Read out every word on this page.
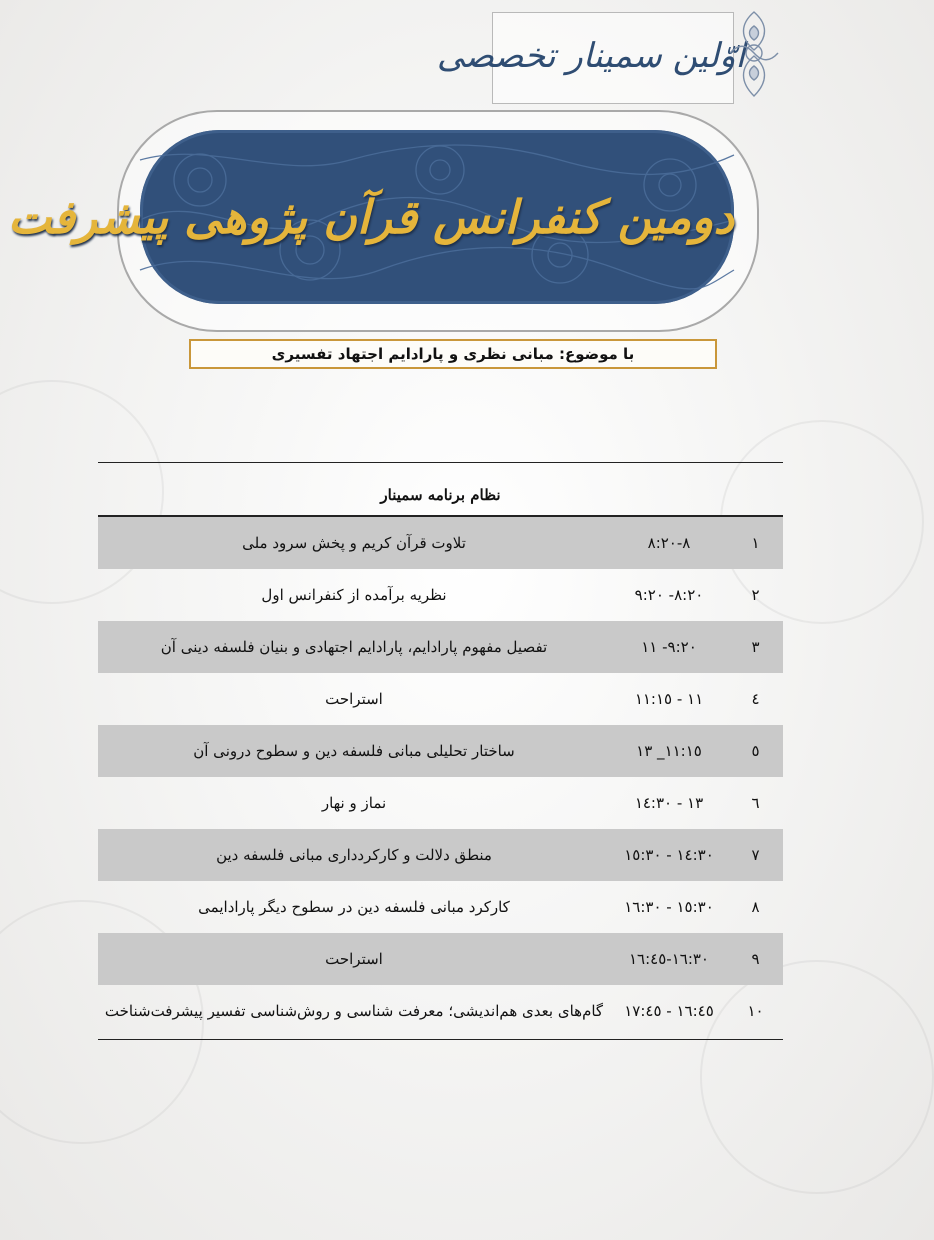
اوّلین سمینار تخصصی
دومین کنفرانس قرآن پژوهی پیشرفت
با موضوع: مبانی نظری و پارادایم اجتهاد تفسیری
نظام برنامه سمینار
١
٨-٨:٢٠
تلاوت قرآن کریم و پخش سرود ملی
٢
٨:٢٠- ٩:٢٠
نظریه برآمده از کنفرانس اول
٣
٩:٢٠- ١١
تفصیل مفهوم پارادایم، پارادایم اجتهادی و بنیان فلسفه دینی آن
٤
١١ - ١١:١٥
استراحت
٥
١١:١٥_ ١٣
ساختار تحلیلی مبانی فلسفه دین و سطوح درونی آن
٦
١٣ - ١٤:٣٠
نماز و نهار
٧
١٤:٣٠ - ١٥:٣٠
منطق دلالت و کارکردداری مبانی فلسفه دین
٨
١٥:٣٠ - ١٦:٣٠
کارکرد مبانی فلسفه دین در سطوح دیگر پارادایمی
٩
١٦:٣٠-١٦:٤٥
استراحت
١٠
١٦:٤٥ - ١٧:٤٥
گام‌های بعدی هم‌اندیشی؛ معرفت شناسی و روش‌شناسی تفسیر پیشرفت‌شناخت
